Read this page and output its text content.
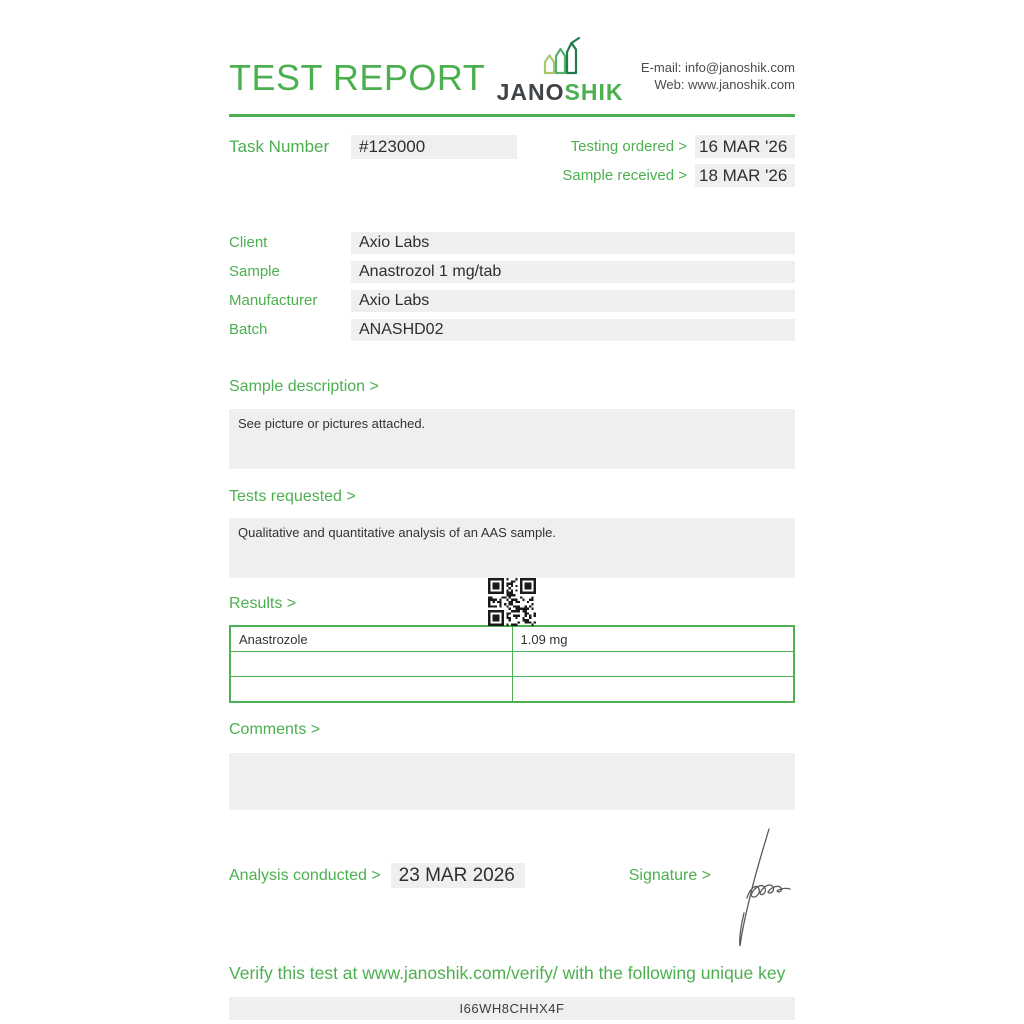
TEST REPORT JANOSHIK
E-mail: info@janoshik.com
Web: www.janoshik.com
Task Number	#123000	Testing ordered > 16 MAR '26
Sample received > 18 MAR '26
Client	Axio Labs
Sample	Anastrozol 1 mg/tab
Manufacturer	Axio Labs
Batch	ANASHD02
Sample description >
See picture or pictures attached.
Tests requested >
Qualitative and quantitative analysis of an AAS sample.
Results >
Anastrozole	1.09 mg

Comments >
Analysis conducted > 23 MAR 2026	Signature >
Verify this test at www.janoshik.com/verify/ with the following unique key
I66WH8CHHX4F
